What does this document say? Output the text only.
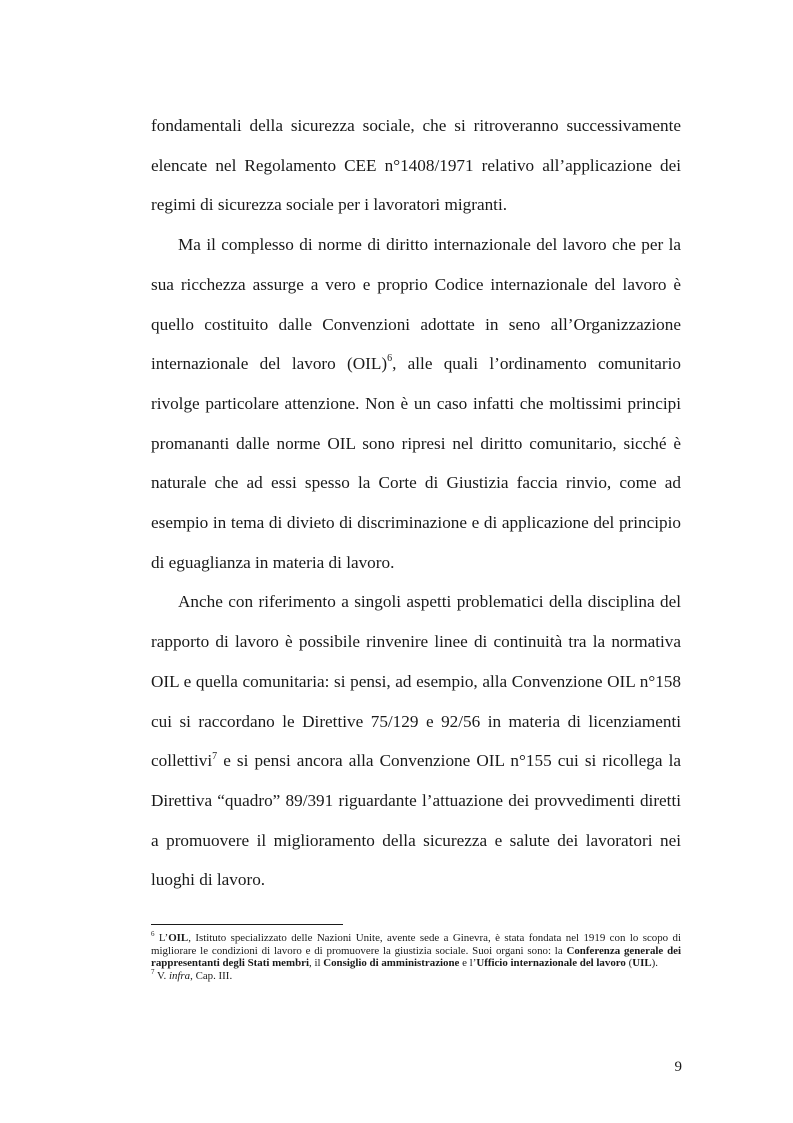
fondamentali della sicurezza sociale, che si ritroveranno successivamente elencate nel Regolamento CEE n°1408/1971 relativo all’applicazione dei regimi di sicurezza sociale per i lavoratori migranti.

Ma il complesso di norme di diritto internazionale del lavoro che per la sua ricchezza assurge a vero e proprio Codice internazionale del lavoro è quello costituito dalle Convenzioni adottate in seno all’Organizzazione internazionale del lavoro (OIL)$^6$, alle quali l’ordinamento comunitario rivolge particolare attenzione. Non è un caso infatti che moltissimi principi promananti dalle norme OIL sono ripresi nel diritto comunitario, sicché è naturale che ad essi spesso la Corte di Giustizia faccia rinvio, come ad esempio in tema di divieto di discriminazione e di applicazione del principio di eguaglianza in materia di lavoro.

Anche con riferimento a singoli aspetti problematici della disciplina del rapporto di lavoro è possibile rinvenire linee di continuità tra la normativa OIL e quella comunitaria: si pensi, ad esempio, alla Convenzione OIL n°158 cui si raccordano le Direttive 75/129 e 92/56 in materia di licenziamenti collettivi$^7$ e si pensi ancora alla Convenzione OIL n°155 cui si ricollega la Direttiva “quadro” 89/391 riguardante l’attuazione dei provvedimenti diretti a promuovere il miglioramento della sicurezza e salute dei lavoratori nei luoghi di lavoro.

$^6$ L’OIL, Istituto specializzato delle Nazioni Unite, avente sede a Ginevra, è stata fondata nel 1919 con lo scopo di migliorare le condizioni di lavoro e di promuovere la giustizia sociale. Suoi organi sono: la Conferenza generale dei rappresentanti degli Stati membri, il Consiglio di amministrazione e l’Ufficio internazionale del lavoro (UIL).

$^7$ V. infra, Cap. III.

9
